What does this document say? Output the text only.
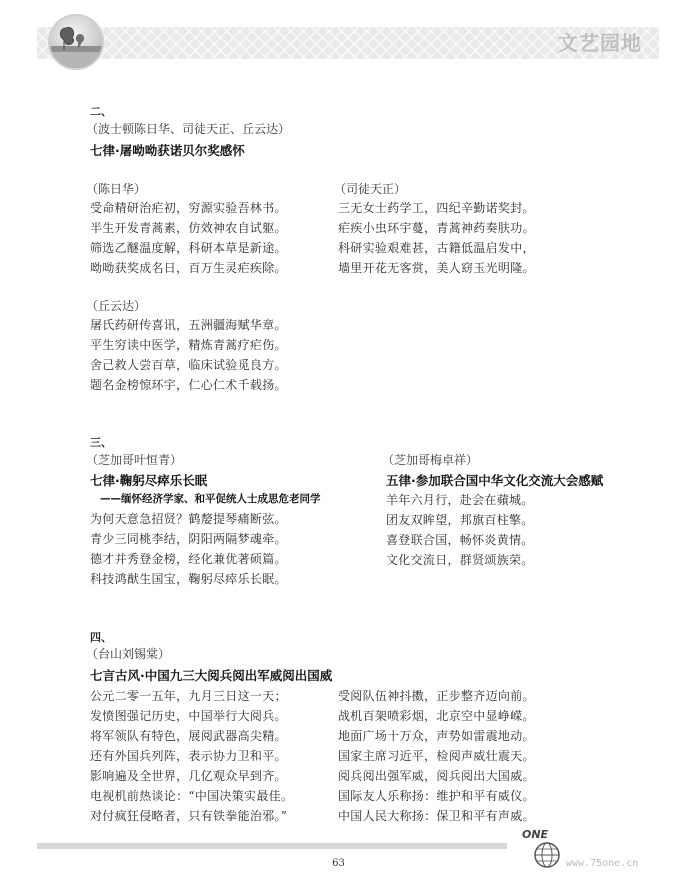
文艺园地
二、
（波士顿陈日华、司徒天正、丘云达）
七律·屠呦呦获诺贝尔奖感怀
（陈日华）
受命精研治疟初，穷源实验吾林书。
半生开发青蒿素，仿效神农自试躯。
筛选乙醚温度解，科研本草是新途。
呦呦获奖成名日，百万生灵疟疾除。
（司徒天正）
三无女士药学工，四纪辛勤诺奖封。
疟疾小虫环宇蔓，青蒿神药奏肤功。
科研实验艰难甚，古籍低温启发中，
墙里开花无客赏，美人窈玉光明隆。
（丘云达）
屠氏药研传喜讯，五洲疆海赋华章。
平生穷读中医学，精炼青蒿疗疟伤。
舍己救人尝百草，临床试验觅良方。
题名金榜惊环宇，仁心仁术千载扬。
三、
（芝加哥叶恒青）
七律·鞠躬尽瘁乐长眠
——缅怀经济学家、和平促统人士成思危老同学
为何天意急招贤？鹤嫠提琴痛断弦。
青少三同桃李结，阴阳两隔梦魂牵。
德才并秀登金榜，经化兼优著硕篇。
科技鸿猷生国宝，鞠躬尽瘁乐长眠。
（芝加哥梅卓祥）
五律·参加联合国中华文化交流大会感赋
羊年六月行，赴会在蘋城。
团友双眸望，邦旗百柱擎。
喜登联合国，畅怀炎黄情。
文化交流日，群贤颂族荣。
四、
（台山刘锡棠）
七言古风·中国九三大阅兵阅出军威阅出国威
公元二零一五年，九月三日这一天；
发愤图强记历史，中国举行大阅兵。
将军领队有特色，展阅武器高尖精。
还有外国兵列阵，表示协力卫和平。
影响遍及全世界，几亿观众早到齐。
电视机前热谈论：“中国决策实最佳。
对付疯狂侵略者，只有铁拳能治邪。”
受阅队伍神抖擞，正步整齐迈向前。
战机百架喷彩烟，北京空中显峥嵘。
地面广场十万众，声势如雷震地动。
国家主席习近平，检阅声威壮震天。
阅兵阅出强军威，阅兵阅出大国威。
国际友人乐称扬：维护和平有威仪。
中国人民大称扬：保卫和平有声威。
63
ONE
www.75one.cn
